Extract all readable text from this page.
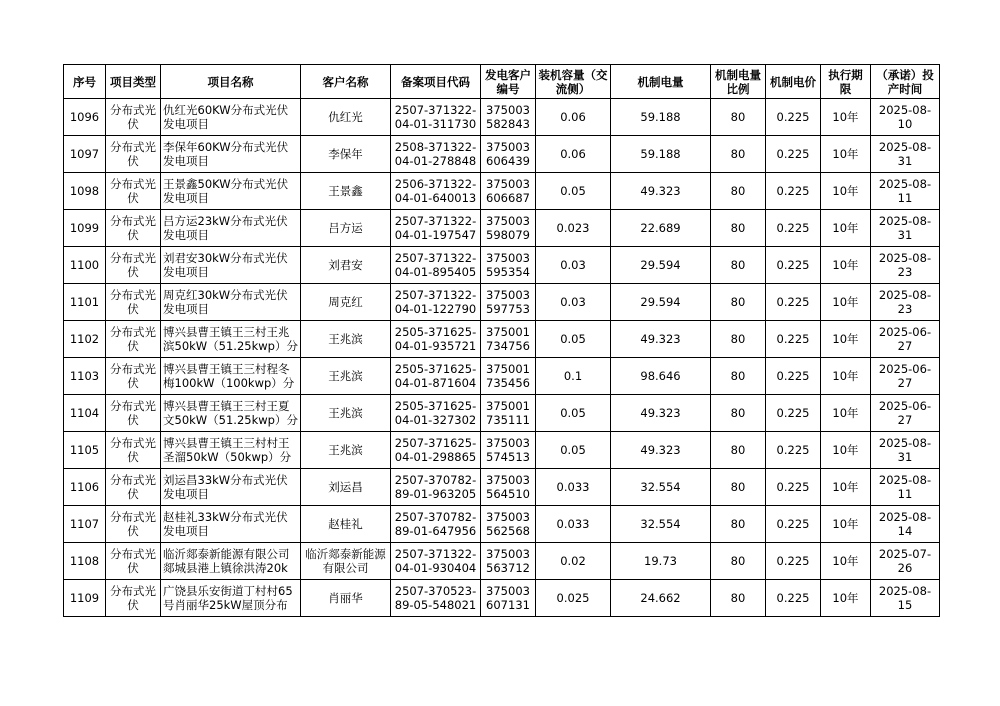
序号	项目类型	项目名称	客户名称	备案项目代码	发电客户编号	装机容量（交流侧）	机制电量	机制电量比例	机制电价	执行期限	（承诺）投产时间

1096	分布式光伏	仇红光60KW分布式光伏发电项目	仇红光	2507-371322-04-01-311730	375003582843	0.06	59.188	80	0.225	10年	2025-08-10

1097	分布式光伏	李保年60KW分布式光伏发电项目	李保年	2508-371322-04-01-278848	375003606439	0.06	59.188	80	0.225	10年	2025-08-31

1098	分布式光伏	王景鑫50KW分布式光伏发电项目	王景鑫	2506-371322-04-01-640013	375003606687	0.05	49.323	80	0.225	10年	2025-08-11

1099	分布式光伏	吕方运23kW分布式光伏发电项目	吕方运	2507-371322-04-01-197547	375003598079	0.023	22.689	80	0.225	10年	2025-08-31

1100	分布式光伏	刘君安30kW分布式光伏发电项目	刘君安	2507-371322-04-01-895405	375003595354	0.03	29.594	80	0.225	10年	2025-08-23

1101	分布式光伏	周克红30kW分布式光伏发电项目	周克红	2507-371322-04-01-122790	375003597753	0.03	29.594	80	0.225	10年	2025-08-23

1102	分布式光伏	博兴县曹王镇王三村王兆滨50kW（51.25kwp）分	王兆滨	2505-371625-04-01-935721	375001734756	0.05	49.323	80	0.225	10年	2025-06-27

1103	分布式光伏	博兴县曹王镇王三村程冬梅100kW（100kwp）分	王兆滨	2505-371625-04-01-871604	375001735456	0.1	98.646	80	0.225	10年	2025-06-27

1104	分布式光伏	博兴县曹王镇王三村王夏文50kW（51.25kwp）分	王兆滨	2505-371625-04-01-327302	375001735111	0.05	49.323	80	0.225	10年	2025-06-27

1105	分布式光伏	博兴县曹王镇王三村村王圣溜50kW（50kwp）分	王兆滨	2507-371625-04-01-298865	375003574513	0.05	49.323	80	0.225	10年	2025-08-31

1106	分布式光伏	刘运昌33kW分布式光伏发电项目	刘运昌	2507-370782-89-01-963205	375003564510	0.033	32.554	80	0.225	10年	2025-08-11

1107	分布式光伏	赵桂礼33kW分布式光伏发电项目	赵桂礼	2507-370782-89-01-647956	375003562568	0.033	32.554	80	0.225	10年	2025-08-14

1108	分布式光伏	临沂郯泰新能源有限公司郯城县港上镇徐洪涛20k	临沂郯泰新能源有限公司	2507-371322-04-01-930404	375003563712	0.02	19.73	80	0.225	10年	2025-07-26

1109	分布式光伏	广饶县乐安街道丁村村65号肖丽华25kW屋顶分布	肖丽华	2507-370523-89-05-548021	375003607131	0.025	24.662	80	0.225	10年	2025-08-15
